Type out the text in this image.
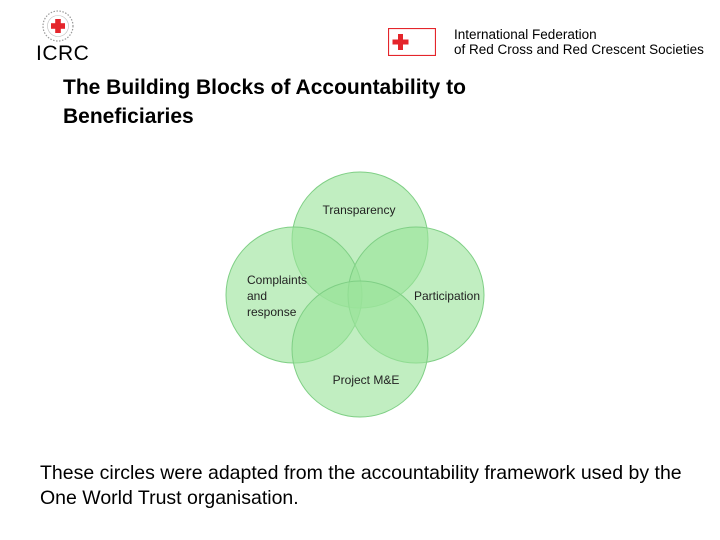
ICRC
International Federation
of Red Cross and Red Crescent Societies
The Building Blocks of Accountability to Beneficiaries
Transparency
Complaints
and
response
Participation
Project M&E

These circles were adapted from the accountability framework used by the One World Trust organisation.
